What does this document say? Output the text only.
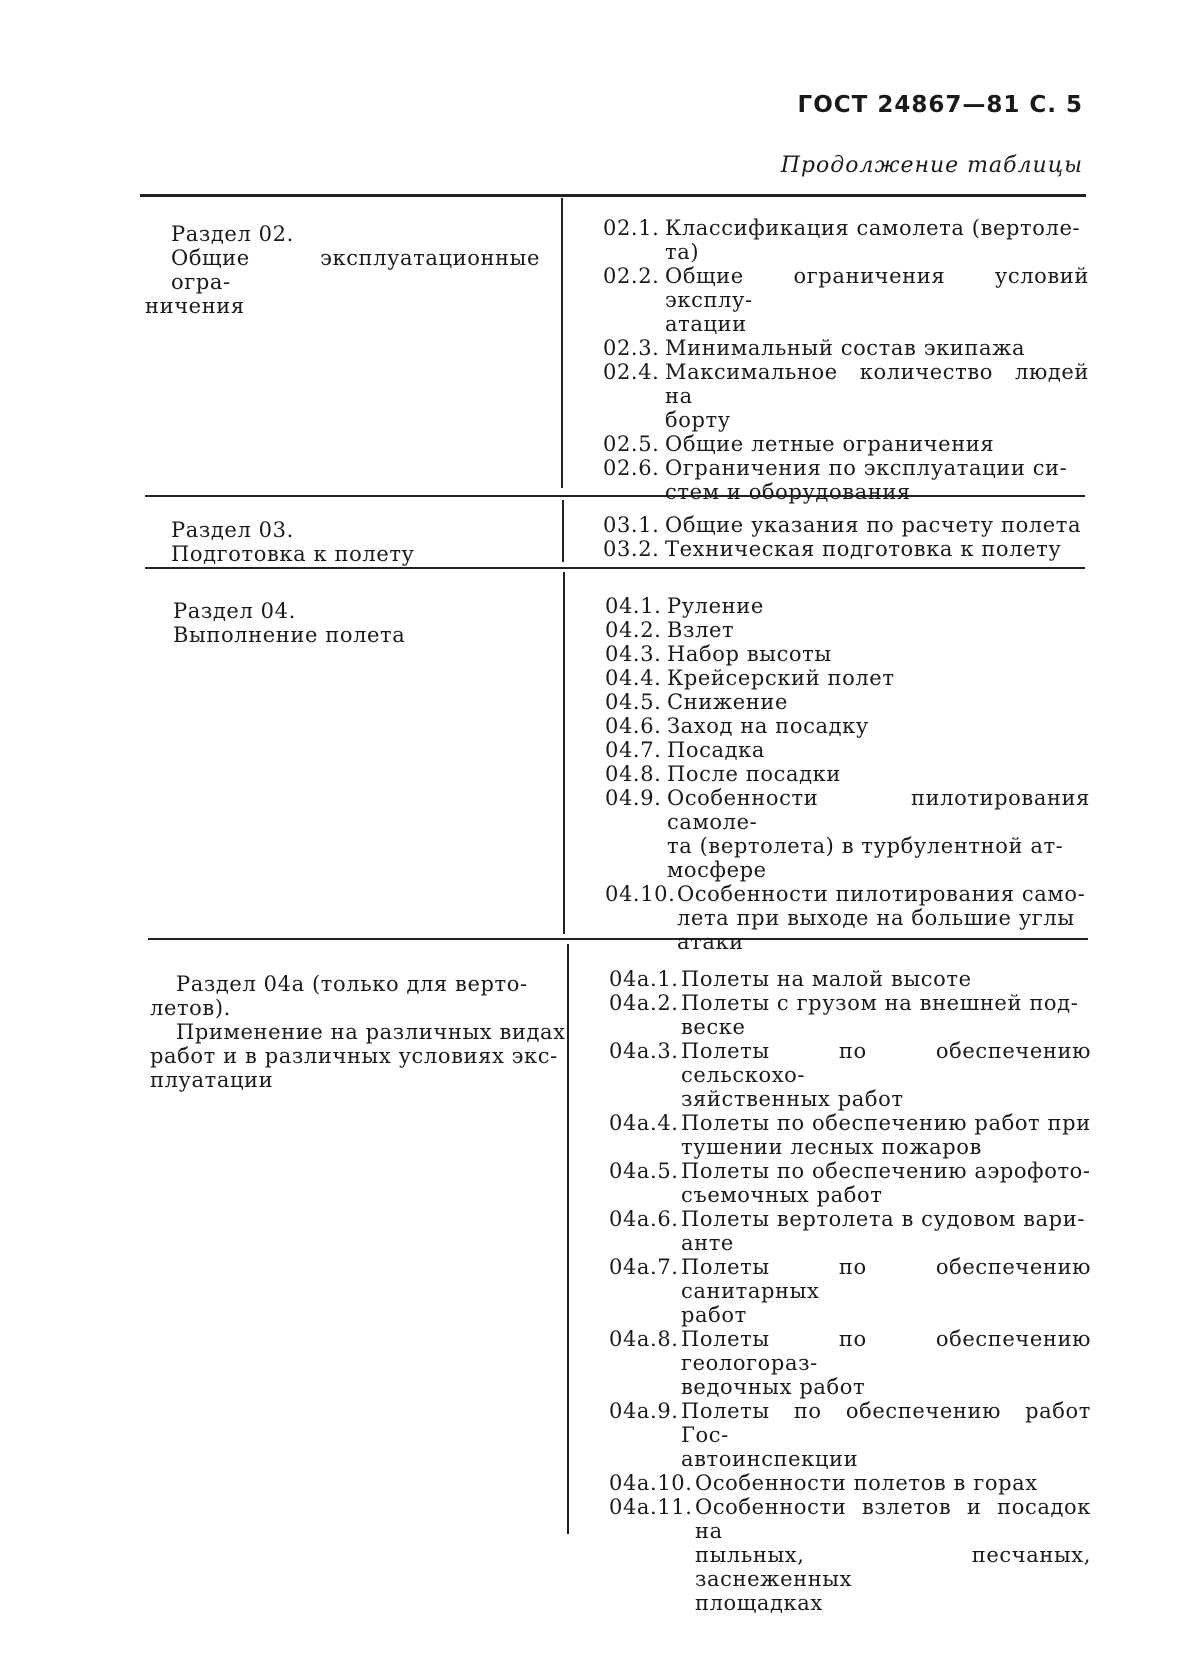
ГОСТ 24867—81 С. 5
Продолжение таблицы
Раздел 02.
Общие эксплуатационные огра-
ничения
02.1. Классификация самолета (вертоле-
та)
02.2. Общие ограничения условий эксплу-
атации
02.3. Минимальный состав экипажа
02.4. Максимальное количество людей на
борту
02.5. Общие летные ограничения
02.6. Ограничения по эксплуатации си-
стем и оборудования
Раздел 03.
Подготовка к полету
03.1. Общие указания по расчету полета
03.2. Техническая подготовка к полету
Раздел 04.
Выполнение полета
04.1. Руление
04.2. Взлет
04.3. Набор высоты
04.4. Крейсерский полет
04.5. Снижение
04.6. Заход на посадку
04.7. Посадка
04.8. После посадки
04.9. Особенности пилотирования самоле-
та (вертолета) в турбулентной ат-
мосфере
04.10. Особенности пилотирования само-
лета при выходе на большие углы
атаки
Раздел 04а (только для верто-
летов).
Применение на различных видах
работ и в различных условиях экс-
плуатации
04а.1. Полеты на малой высоте
04а.2. Полеты с грузом на внешней под-
веске
04а.3. Полеты по обеспечению сельскохо-
зяйственных работ
04а.4. Полеты по обеспечению работ при
тушении лесных пожаров
04а.5. Полеты по обеспечению аэрофото-
съемочных работ
04а.6. Полеты вертолета в судовом вари-
анте
04а.7. Полеты по обеспечению санитарных
работ
04а.8. Полеты по обеспечению геологораз-
ведочных работ
04а.9. Полеты по обеспечению работ Гос-
автоинспекции
04а.10. Особенности полетов в горах
04а.11. Особенности взлетов и посадок на
пыльных, песчаных, заснеженных
площадках
